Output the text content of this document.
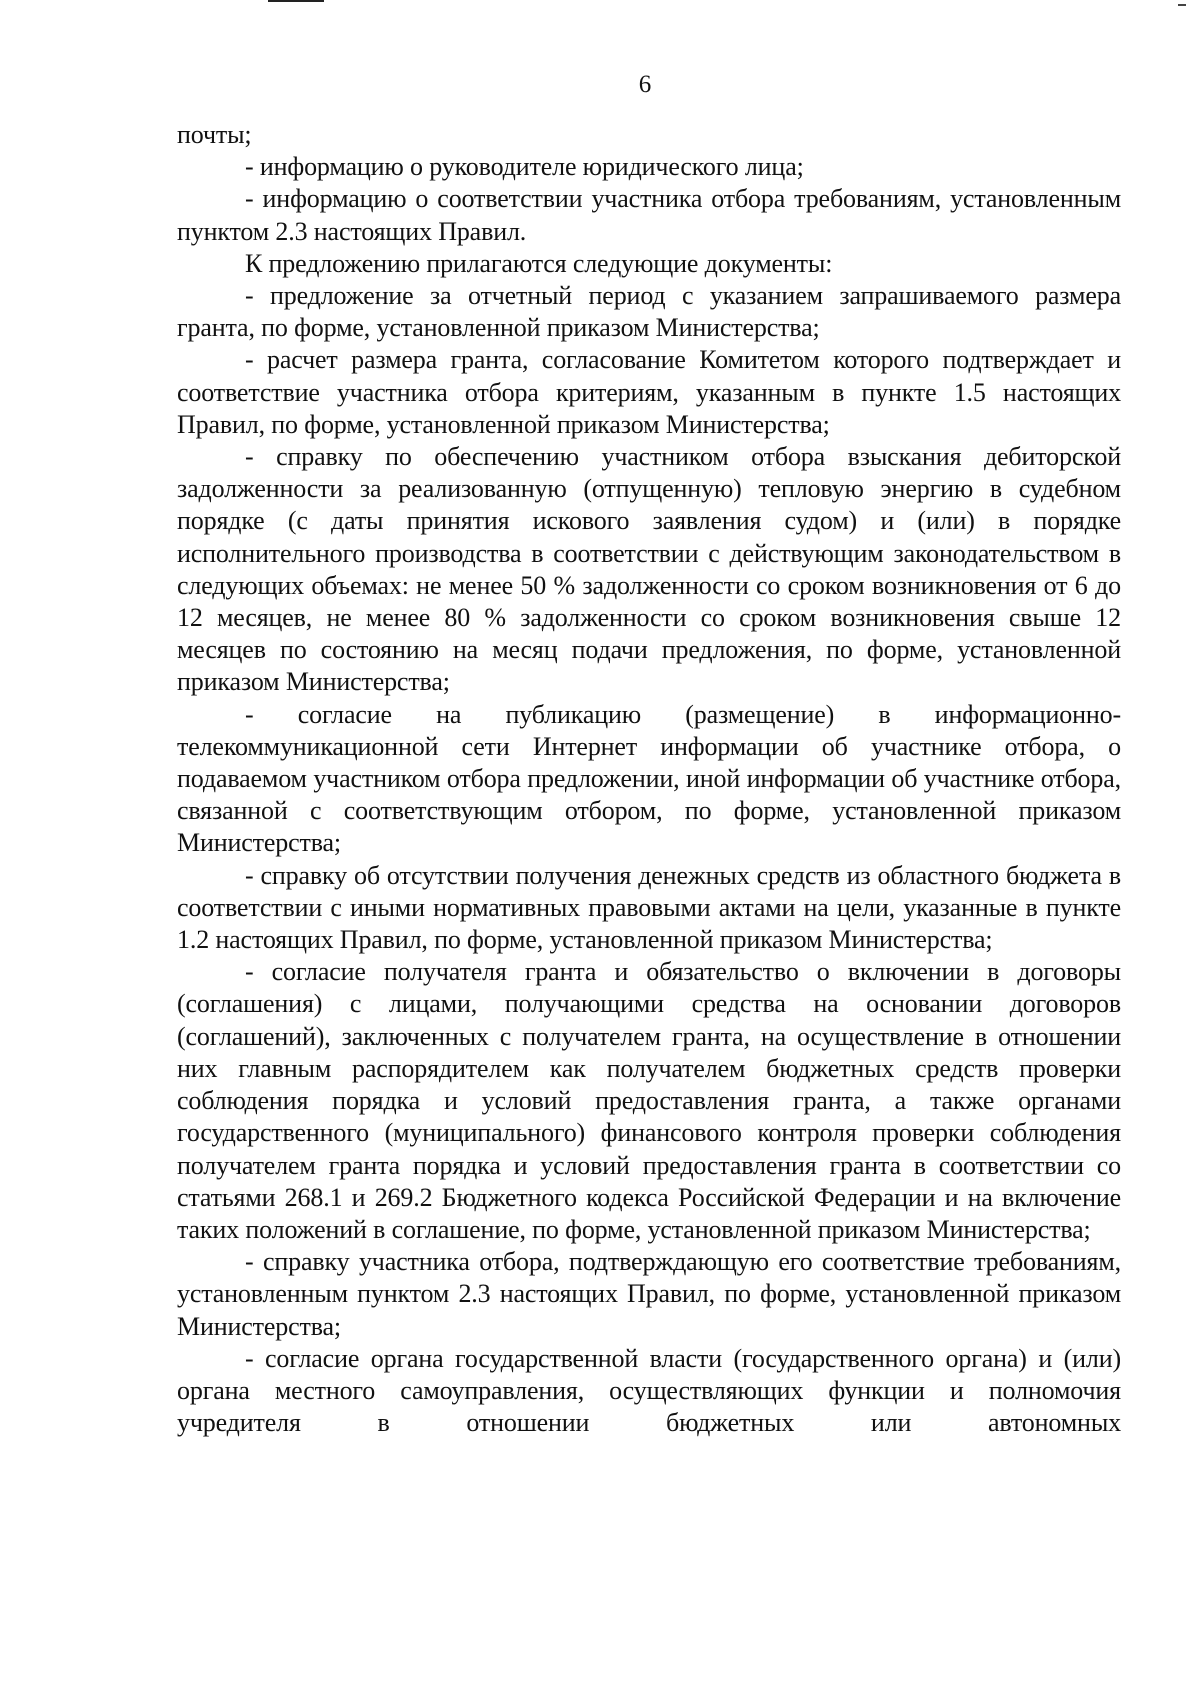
6

почты;

- информацию о руководителе юридического лица;

- информацию о соответствии участника отбора требованиям, установленным пунктом 2.3 настоящих Правил.

К предложению прилагаются следующие документы:

- предложение за отчетный период с указанием запрашиваемого размера гранта, по форме, установленной приказом Министерства;

- расчет размера гранта, согласование Комитетом которого подтверждает и соответствие участника отбора критериям, указанным в пункте 1.5 настоящих Правил, по форме, установленной приказом Министерства;

- справку по обеспечению участником отбора взыскания дебиторской задолженности за реализованную (отпущенную) тепловую энергию в судебном порядке (с даты принятия искового заявления судом) и (или) в порядке исполнительного производства в соответствии с действующим законодательством в следующих объемах: не менее 50 % задолженности со сроком возникновения от 6 до 12 месяцев, не менее 80 % задолженности со сроком возникновения свыше 12 месяцев по состоянию на месяц подачи предложения, по форме, установленной приказом Министерства;

- согласие на публикацию (размещение) в информационно-телекоммуникационной сети Интернет информации об участнике отбора, о подаваемом участником отбора предложении, иной информации об участнике отбора, связанной с соответствующим отбором, по форме, установленной приказом Министерства;

- справку об отсутствии получения денежных средств из областного бюджета в соответствии с иными нормативных правовыми актами на цели, указанные в пункте 1.2 настоящих Правил, по форме, установленной приказом Министерства;

- согласие получателя гранта и обязательство о включении в договоры (соглашения) с лицами, получающими средства на основании договоров (соглашений), заключенных с получателем гранта, на осуществление в отношении них главным распорядителем как получателем бюджетных средств проверки соблюдения порядка и условий предоставления гранта, а также органами государственного (муниципального) финансового контроля проверки соблюдения получателем гранта порядка и условий предоставления гранта в соответствии со статьями 268.1 и 269.2 Бюджетного кодекса Российской Федерации и на включение таких положений в соглашение, по форме, установленной приказом Министерства;

- справку участника отбора, подтверждающую его соответствие требованиям, установленным пунктом 2.3 настоящих Правил, по форме, установленной приказом Министерства;

- согласие органа государственной власти (государственного органа) и (или) органа местного самоуправления, осуществляющих функции и полномочия учредителя в отношении бюджетных или автономных
